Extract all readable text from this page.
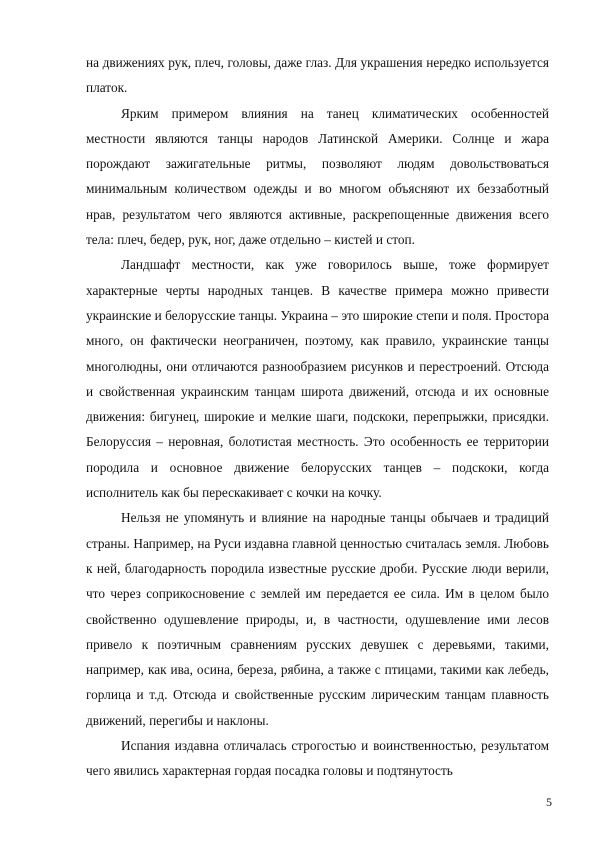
на движениях рук, плеч, головы, даже глаз. Для украшения нередко используется платок.

Ярким примером влияния на танец климатических особенностей местности являются танцы народов Латинской Америки. Солнце и жара порождают зажигательные ритмы, позволяют людям довольствоваться минимальным количеством одежды и во многом объясняют их беззаботный нрав, результатом чего являются активные, раскрепощенные движения всего тела: плеч, бедер, рук, ног, даже отдельно – кистей и стоп.

Ландшафт местности, как уже говорилось выше, тоже формирует характерные черты народных танцев. В качестве примера можно привести украинские и белорусские танцы. Украина – это широкие степи и поля. Простора много, он фактически неограничен, поэтому, как правило, украинские танцы многолюдны, они отличаются разнообразием рисунков и перестроений. Отсюда и свойственная украинским танцам широта движений, отсюда и их основные движения: бигунец, широкие и мелкие шаги, подскоки, перепрыжки, присядки. Белоруссия – неровная, болотистая местность. Это особенность ее территории породила и основное движение белорусских танцев – подскоки, когда исполнитель как бы перескакивает с кочки на кочку.

Нельзя не упомянуть и влияние на народные танцы обычаев и традиций страны. Например, на Руси издавна главной ценностью считалась земля. Любовь к ней, благодарность породила известные русские дроби. Русские люди верили, что через соприкосновение с землей им передается ее сила. Им в целом было свойственно одушевление природы, и, в частности, одушевление ими лесов привело к поэтичным сравнениям русских девушек с деревьями, такими, например, как ива, осина, береза, рябина, а также с птицами, такими как лебедь, горлица и т.д. Отсюда и свойственные русским лирическим танцам плавность движений, перегибы и наклоны.

Испания издавна отличалась строгостью и воинственностью, результатом чего явились характерная гордая посадка головы и подтянутость

5
